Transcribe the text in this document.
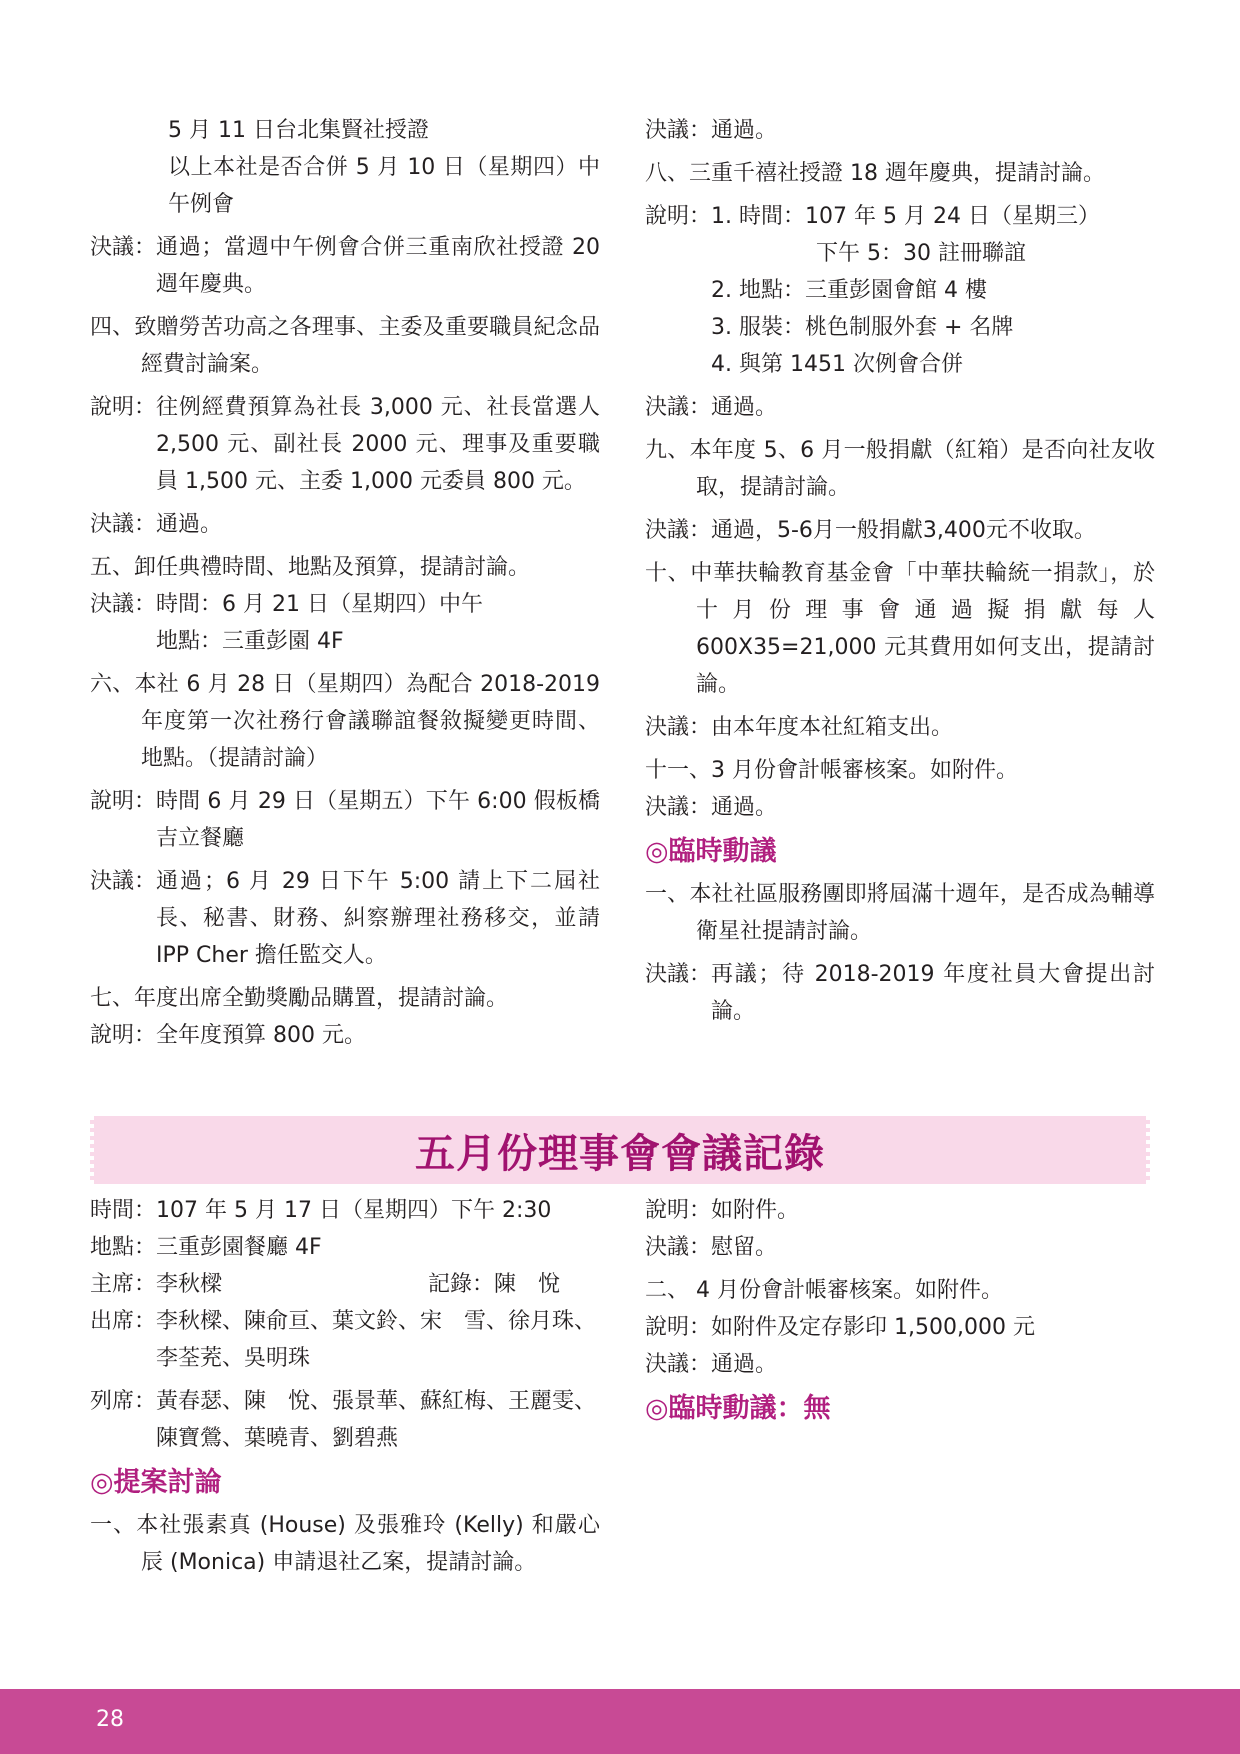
5 月 11 日台北集賢社授證
以上本社是否合併 5 月 10 日（星期四）中午例會
決議： 通過；當週中午例會合併三重南欣社授證 20 週年慶典。
四、致贈勞苦功高之各理事、主委及重要職員紀念品經費討論案。
說明： 往例經費預算為社長 3,000 元、社長當選人 2,500 元、副社長 2000 元、理事及重要職員 1,500 元、主委 1,000 元委員 800 元。
決議：通過。
五、卸任典禮時間、地點及預算，提請討論。
決議： 時間：6 月 21 日（星期四）中午
地點：三重彭園 4F
六、本社 6 月 28 日（星期四）為配合 2018-2019 年度第一次社務行會議聯誼餐敘擬變更時間、地點。（提請討論）
說明： 時間 6 月 29 日（星期五）下午 6:00 假板橋吉立餐廳
決議： 通過；6 月 29 日下午 5:00 請上下二屆社長、秘書、財務、糾察辦理社務移交，並請 IPP Cher 擔任監交人。
七、年度出席全勤獎勵品購置，提請討論。
說明：全年度預算 800 元。
決議：通過。
八、三重千禧社授證 18 週年慶典，提請討論。
說明： 1. 時間：107 年 5 月 24 日（星期三）
下午 5：30 註冊聯誼
2. 地點：三重彭園會館 4 樓
3. 服裝：桃色制服外套 + 名牌
4. 與第 1451 次例會合併
決議：通過。
九、本年度 5、6 月一般捐獻（紅箱）是否向社友收取，提請討論。
決議：通過，5-6月一般捐獻3,400元不收取。
十、中華扶輪教育基金會「中華扶輪統一捐款」，於十月份理事會通過擬捐獻每人 600X35=21,000 元其費用如何支出，提請討論。
決議：由本年度本社紅箱支出。
十一、3 月份會計帳審核案。如附件。
決議：通過。
◎臨時動議
一、本社社區服務團即將屆滿十週年，是否成為輔導衛星社提請討論。
決議： 再議；待 2018-2019 年度社員大會提出討論。
五月份理事會會議記錄
時間：107 年 5 月 17 日（星期四）下午 2:30
地點：三重彭園餐廳 4F
主席：李秋樑	記錄：陳　悅
出席： 李秋樑、陳俞亘、葉文鈴、宋　雪、徐月珠、李荃茺、吳明珠
列席： 黃春瑟、陳　悅、張景華、蘇紅梅、王麗雯、陳寶鶯、葉曉青、劉碧燕
◎提案討論
一、本社張素真 (House) 及張雅玲 (Kelly) 和嚴心辰 (Monica) 申請退社乙案，提請討論。
說明：如附件。
決議：慰留。
二、 4 月份會計帳審核案。如附件。
說明：如附件及定存影印 1,500,000 元
決議：通過。
◎臨時動議：無
28
